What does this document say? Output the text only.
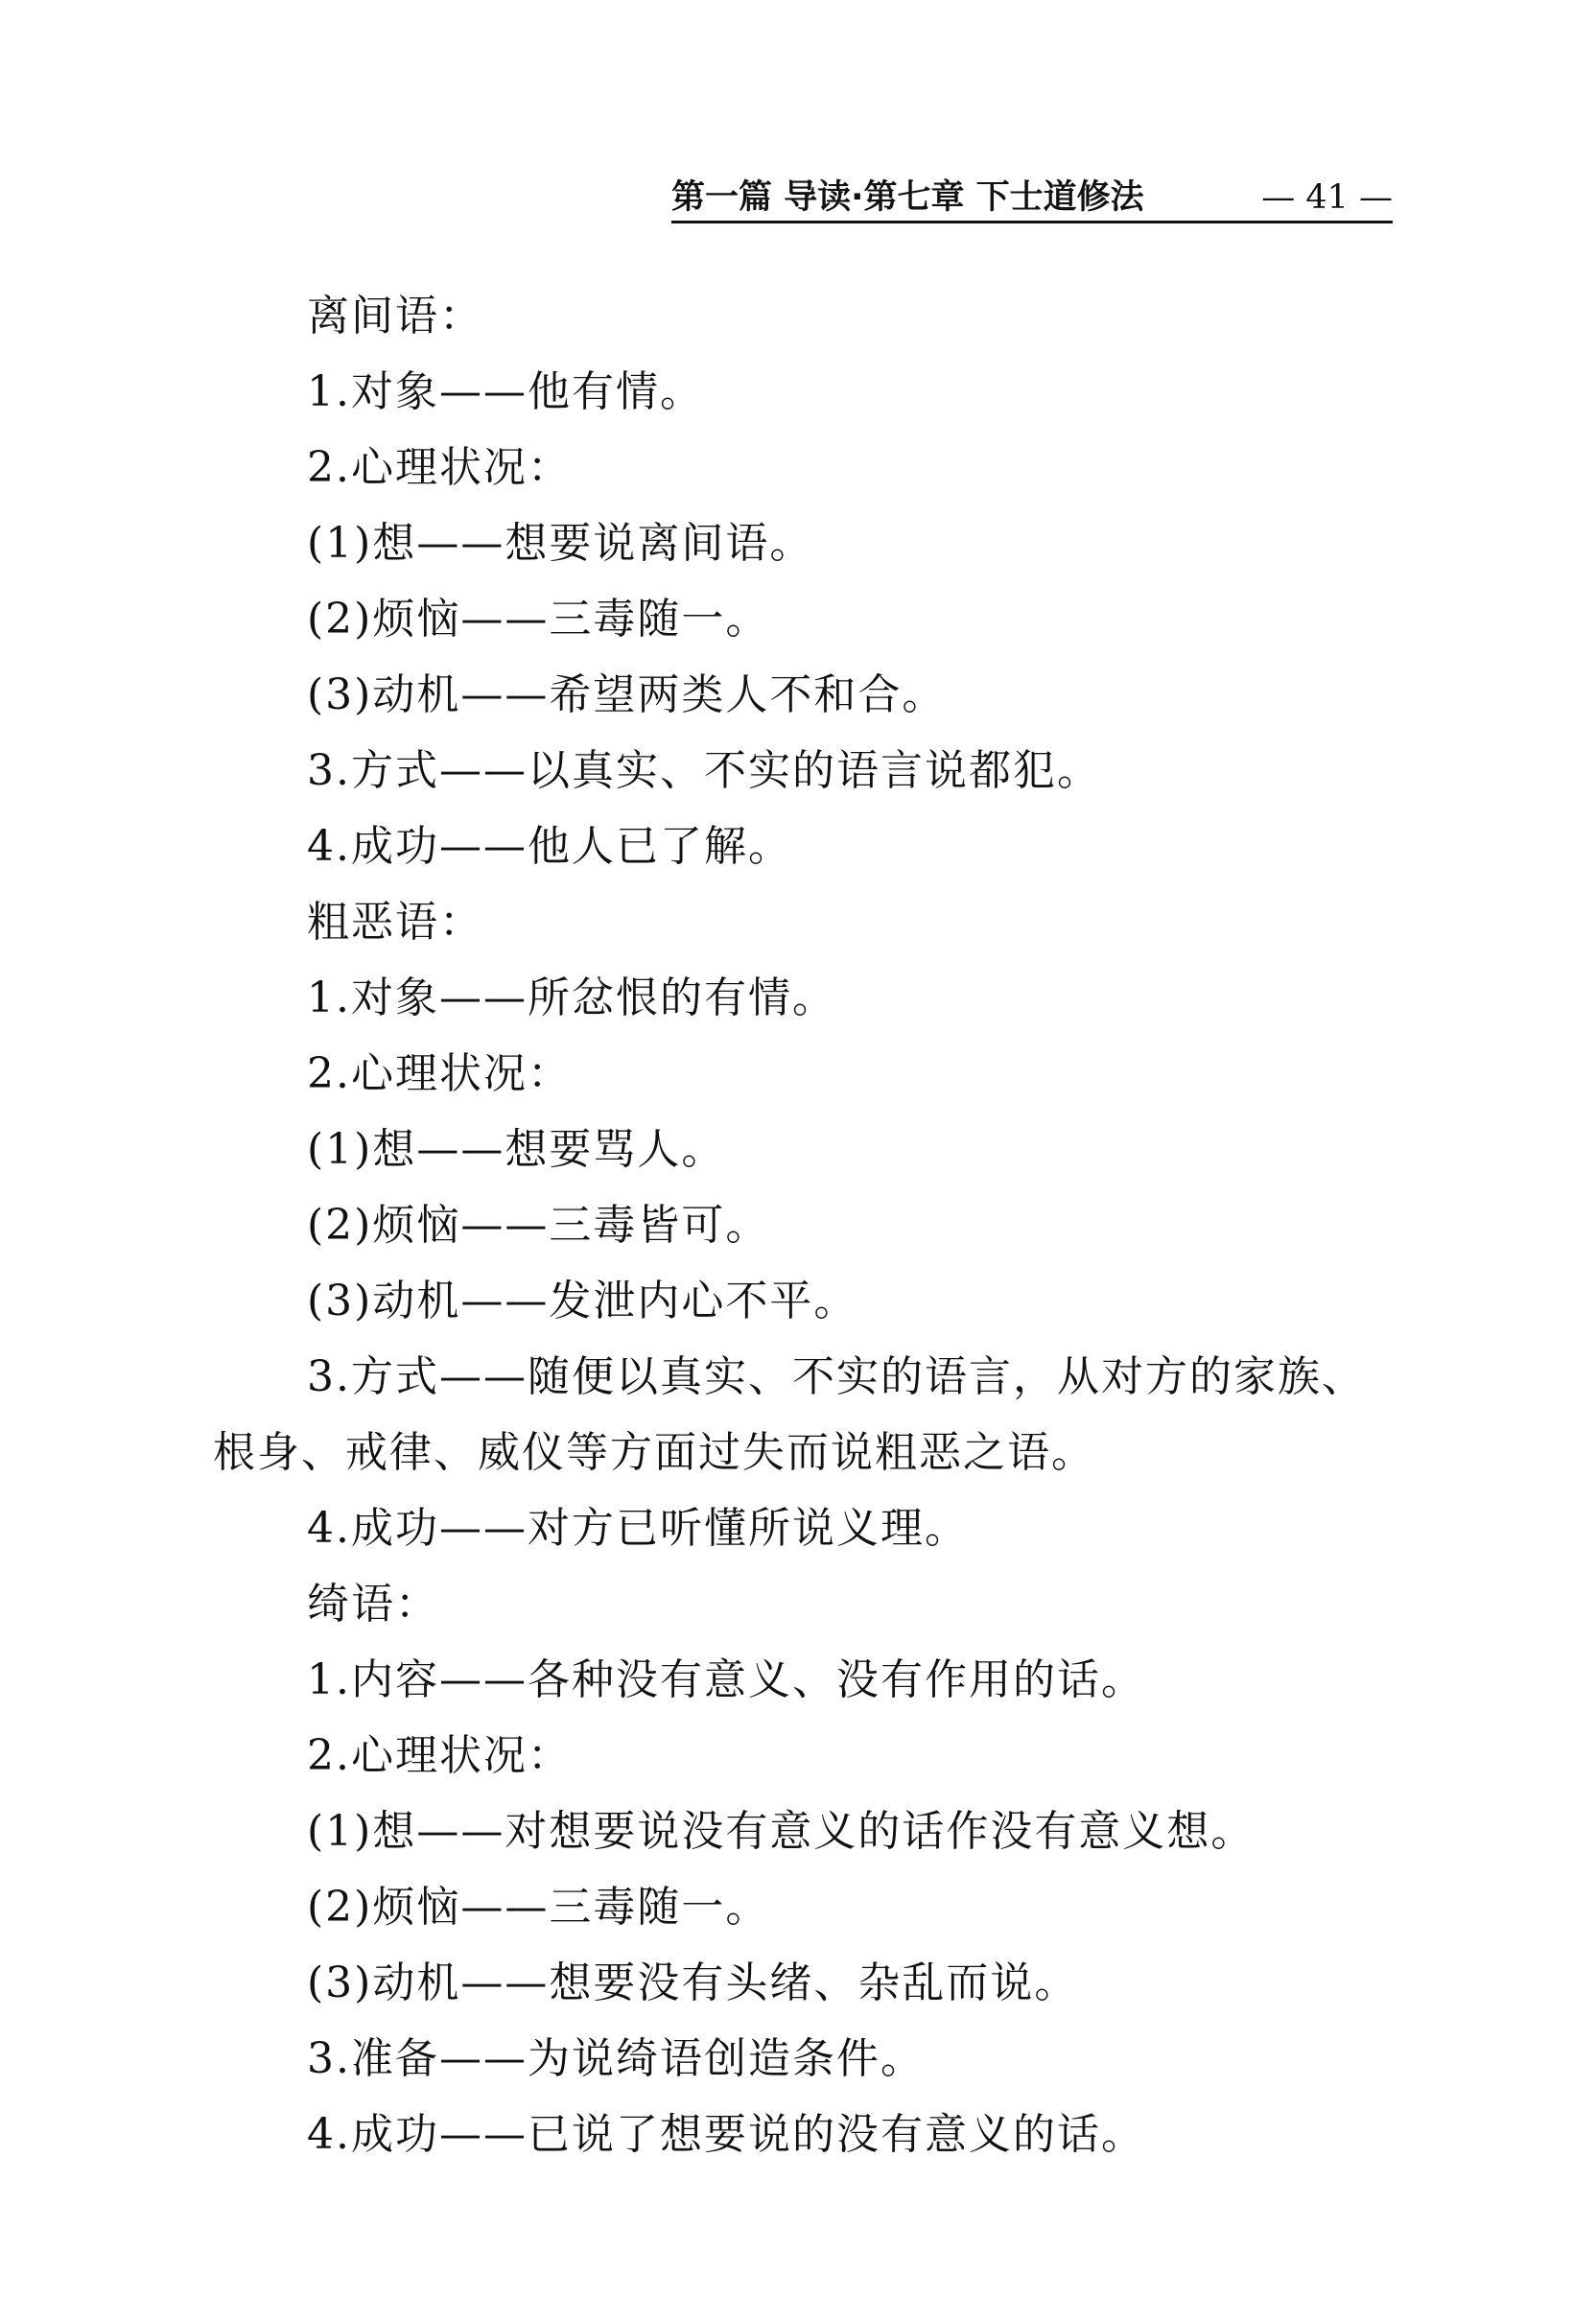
第一篇 导读·第七章 下士道修法	— 41 —
离间语：
1.对象——他有情。
2.心理状况：
(1)想——想要说离间语。
(2)烦恼——三毒随一。
(3)动机——希望两类人不和合。
3.方式——以真实、不实的语言说都犯。
4.成功——他人已了解。
粗恶语：
1.对象——所忿恨的有情。
2.心理状况：
(1)想——想要骂人。
(2)烦恼——三毒皆可。
(3)动机——发泄内心不平。
3.方式——随便以真实、不实的语言，从对方的家族、
根身、戒律、威仪等方面过失而说粗恶之语。
4.成功——对方已听懂所说义理。
绮语：
1.内容——各种没有意义、没有作用的话。
2.心理状况：
(1)想——对想要说没有意义的话作没有意义想。
(2)烦恼——三毒随一。
(3)动机——想要没有头绪、杂乱而说。
3.准备——为说绮语创造条件。
4.成功——已说了想要说的没有意义的话。
